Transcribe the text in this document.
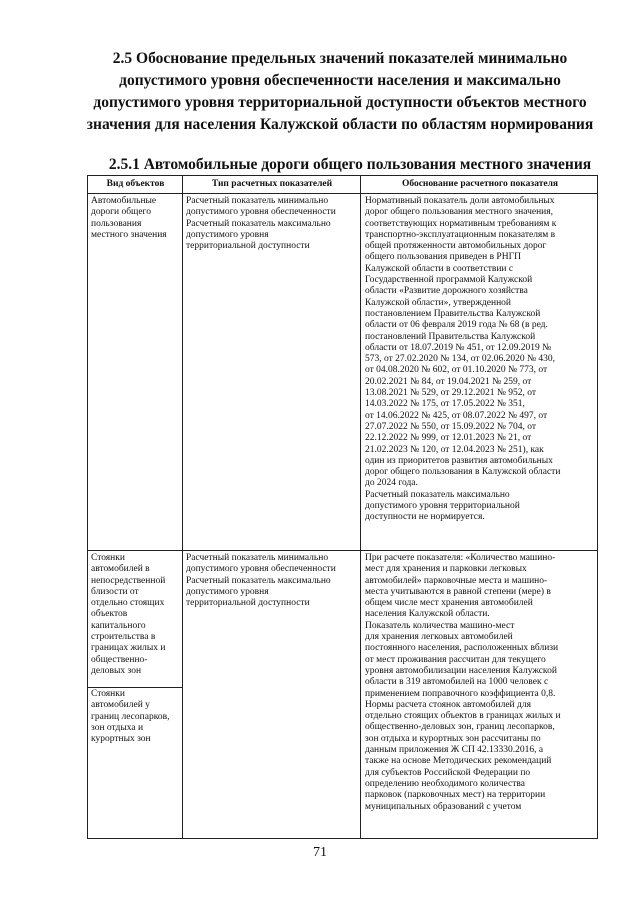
2.5 Обоснование предельных значений показателей минимально допустимого уровня обеспеченности населения и максимально допустимого уровня территориальной доступности объектов местного значения для населения Калужской области по областям нормирования
2.5.1 Автомобильные дороги общего пользования местного значения
Вид объектов	Тип расчетных показателей	Обоснование расчетного показателя
Автомобильные
дороги общего
пользования
местного значения
Расчетный показатель минимально
допустимого уровня обеспеченности
Расчетный показатель максимально
допустимого уровня
территориальной доступности
Нормативный показатель доли автомобильных
дорог общего пользования местного значения,
соответствующих нормативным требованиям к
транспортно-эксплуатационным показателям в
общей протяженности автомобильных дорог
общего пользования приведен в РНГП
Калужской области в соответствии с
Государственной программой Калужской
области «Развитие дорожного хозяйства
Калужской области», утвержденной
постановлением Правительства Калужской
области от 06 февраля 2019 года № 68 (в ред.
постановлений Правительства Калужской
области от 18.07.2019 № 451, от 12.09.2019 №
573, от 27.02.2020 № 134, от 02.06.2020 № 430,
от 04.08.2020 № 602, от 01.10.2020 № 773, от
20.02.2021 № 84, от 19.04.2021 № 259, от
13.08.2021 № 529, от 29.12.2021 № 952, от
14.03.2022 № 175, от 17.05.2022 № 351,
от 14.06.2022 № 425, от 08.07.2022 № 497, от
27.07.2022 № 550, от 15.09.2022 № 704, от
22.12.2022 № 999, от 12.01.2023 № 21, от
21.02.2023 № 120, от 12.04.2023 № 251), как
один из приоритетов развития автомобильных
дорог общего пользования в Калужской области
до 2024 года.
Расчетный показатель максимально
допустимого уровня территориальной
доступности не нормируется.
Стоянки
автомобилей в
непосредственной
близости от
отдельно стоящих
объектов
капитального
строительства в
границах жилых и
общественно-
деловых зон
Стоянки
автомобилей у
границ лесопарков,
зон отдыха и
курортных зон
Расчетный показатель минимально
допустимого уровня обеспеченности
Расчетный показатель максимально
допустимого уровня
территориальной доступности
При расчете показателя: «Количество машино-
мест для хранения и парковки легковых
автомобилей» парковочные места и машино-
места учитываются в равной степени (мере) в
общем числе мест хранения автомобилей
населения Калужской области.
Показатель количества машино-мест
для хранения легковых автомобилей
постоянного населения, расположенных вблизи
от мест проживания рассчитан для текущего
уровня автомобилизации населения Калужской
области в 319 автомобилей на 1000 человек с
применением поправочного коэффициента 0,8.
Нормы расчета стоянок автомобилей для
отдельно стоящих объектов в границах жилых и
общественно-деловых зон, границ лесопарков,
зон отдыха и курортных зон рассчитаны по
данным приложения Ж СП 42.13330.2016, а
также на основе Методических рекомендаций
для субъектов Российской Федерации по
определению необходимого количества
парковок (парковочных мест) на территории
муниципальных образований с учетом
71
